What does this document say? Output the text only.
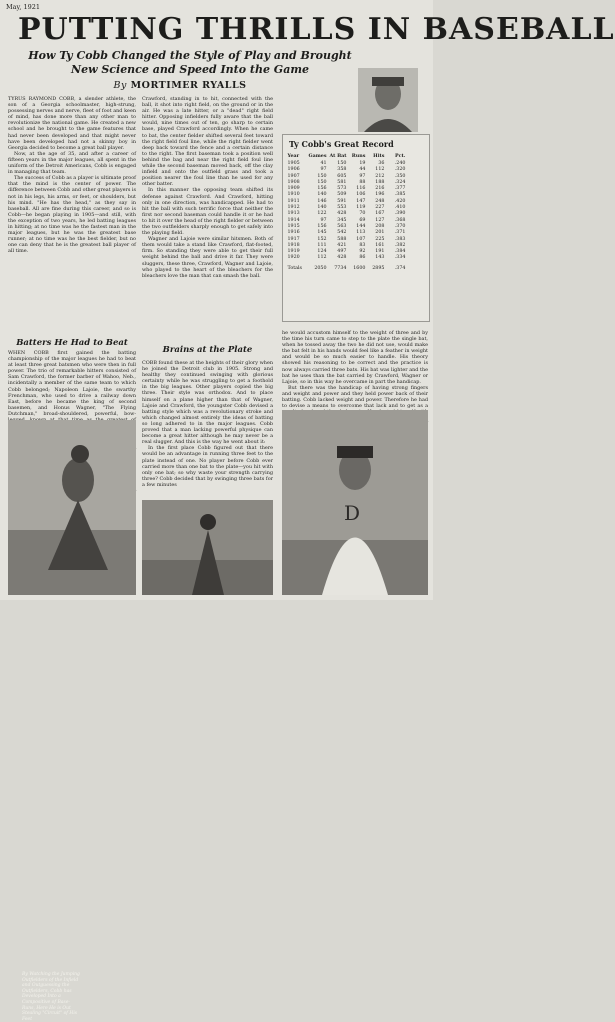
May, 1921
PUTTING THRILLS IN BASEBALL
How Ty Cobb Changed the Style of Play and Brought New Science and Speed Into the Game
By MORTIMER RYALLS

TYRUS RAYMOND COBB, a slender athlete, the son of a Georgia schoolmaster, high-strung, possessing nerves and nerve, fleet of foot and keen of mind, has done more than any other man to revolutionize the national game. He created a new school and he brought to the game features that had never been developed and that might never have been developed had not a skinny boy in Georgia decided to become a great ball player.

Now, at the age of 35, and after a career of fifteen years in the major leagues, all spent in the uniform of the Detroit Americans, Cobb is engaged in managing that team.

The success of Cobb as a player is ultimate proof that the mind is the center of power. The difference between Cobb and other great players is not in his legs, his arms, or feet, or shoulders, but his mind. "He has the head," as they say in baseball. All are fine during this career, and so is Cobb—he began playing in 1905—and still, with the exception of two years, he led batting leagues in hitting; at no time was he the fastest man in the major leagues, but he was the greatest base runner; at no time was he the best fielder, but no one can deny that he is the greatest ball player of all time.

Crawford, standing in to hit, connected with the ball, it shot into right field, on the ground or in the air. He was a late hitter, or a "dead" right field hitter. Opposing infielders fully aware that the ball would, nine times out of ten, go sharp to certain base, played Crawford accordingly. When he came to bat, the center fielder shifted several feet toward the right field foul line, while the right fielder went deep back toward the fence and a certain distance to the right. The first baseman took a position well behind the bag and near the right field foul line while the second baseman moved back, off the clay infield and onto the outfield grass and took a position nearer the foul line than he used for any other batter.

In this manner the opposing team shifted its defense against Crawford. And Crawford, hitting only in one direction, was handicapped. He had to hit the ball with such terrific force that neither the first nor second baseman could handle it or he had to hit it over the head of the right fielder or between the two outfielders sharply enough to get safely into the playing field.

Wagner and Lajoie were similar hitsmen. Both of them would take a stand like Crawford, flat-footed, firm. So standing they were able to get their full weight behind the ball and drive it far. They were sluggers, these three, Crawford, Wagner and Lajoie, who played to the heart of the bleachers for the bleachers love the man that can smash the ball.

Ty Cobb's Great Record
Year	Games	At Bat	Runs	Hits	Pct.
1905	41	150	19	36	.240
1906	97	358	44	112	.320
1907	150	605	97	212	.350
1908	150	581	88	188	.324
1909	156	573	116	216	.377
1910	140	509	106	196	.385
1911	146	591	147	248	.420
1912	140	553	119	227	.410
1913	122	428	70	167	.390
1914	97	345	69	127	.368
1915	156	563	144	208	.370
1916	145	542	113	201	.371
1917	152	588	107	225	.383
1918	111	421	83	161	.382
1919	124	497	92	191	.384
1920	112	428	86	143	.334
Totals	2050	7734	1600	2895	.374
Batters He Had to Beat
Brains at the Plate

WHEN COBB first gained the batting championship of the major leagues he had to beat at least three great batsmen who were then in full power. The trio of remarkable hitters consisted of Sam Crawford, the former barber of Wahoo, Neb., incidentally a member of the same team to which Cobb belonged; Napoleon Lajoie, the swarthy Frenchman, who used to drive a railway down East, before he became the king of second basemen, and Honus Wagner, "The Flying Dutchman," broad-shouldered, powerful, bow-

COBB found these at the heights of their glory when he joined the Detroit club in 1905. Strong and healthy they continued swinging with glorious certainty while he was struggling to get a foothold in the big leagues. Other players copied the big three. Their style was orthodox. And to place himself on a plane higher than that of Wagner, Lajoie and Crawford, the youngster Cobb devised a batting style which was a revolutionary stroke and which changed almost entirely the ideas of batting so long adhered to in the major leagues. Cobb proved that a man lacking powerful physique can become a great hitter although he may never be a real slugger. And this is the way he went about it:

In the first place Cobb figured out that there would be an advantage in running three feet to the plate instead of one. No player before Cobb ever carried more than one bat to the plate—you hit with only one bat; so why waste your strength carrying three? Cobb decided that by swinging three bats for a few minutes

he would accustom himself to the weight of three and by the time his turn came to step to the plate the single bat, when he tossed away the two he did not use, would make the bat felt in his hands would feel like a feather in weight and would be so much easier to handle. His theory showed his reasoning to be correct and the practice is now always carried three bats. His bat was lighter and the bat he uses than the bat carried by Crawford, Wagner or Lajoie, so in this way he overcame in part the handicap.

But there was the handicap of having strong fingers and weight and power and they held power back of their batting. Cobb lacked weight and power. Therefore he had to devise a means to overcome that lack and to get as a

By Watching the Jumping Outfielders of the Infield and Outguessing the Outfielders, Cobb has Developed Into a Compositive of Base-Runs, Here He is Out Stealing "Circuit" of His Feet
D
